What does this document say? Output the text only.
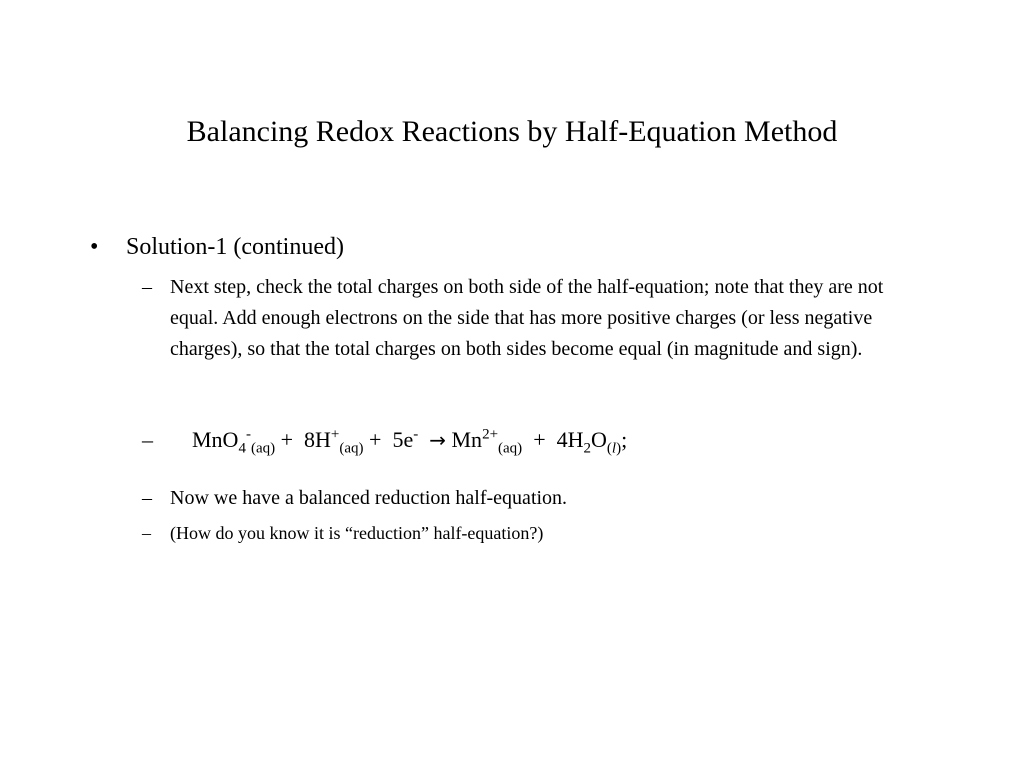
Balancing Redox Reactions by Half-Equation Method
• Solution-1 (continued)
– Next step, check the total charges on both side of the half-equation; note that they are not equal. Add enough electrons on the side that has more positive charges (or less negative charges), so that the total charges on both sides become equal (in magnitude and sign).
– $MnO_4^-_{(aq)} + 8H^+_{(aq)} + 5e^- \to Mn^{2+}_{(aq)} + 4H_2O_{(l)}$;
– Now we have a balanced reduction half-equation.
– (How do you know it is “reduction” half-equation?)
